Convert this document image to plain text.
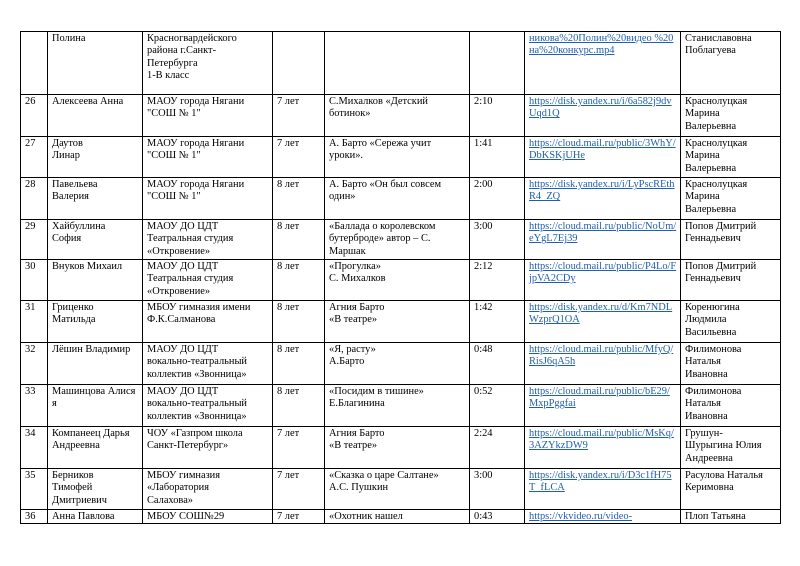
	Полина	Красногвардейского
района г.Санкт-
Петербурга
1-В класс				никова%20Полин%20видео %20на%20конкурс.mp4	Станиславовна
Поблагуева
26	Алексеева Анна	МАОУ города Нягани
"СОШ № 1"	7 лет	С.Михалков «Детский
ботинок»	2:10	https://disk.yandex.ru/i/6a582j9dvUqd1Q	Краснолуцкая
Марина
Валерьевна
27	Даутов
Линар	МАОУ города Нягани
"СОШ № 1"	7 лет	А. Барто «Сережа учит
уроки».	1:41	https://cloud.mail.ru/public/3WhY/DbKSKjUHe	Краснолуцкая
Марина
Валерьевна
28	Павельева
Валерия	МАОУ города Нягани
"СОШ № 1"	8 лет	А. Барто «Он был совсем
один»	2:00	https://disk.yandex.ru/i/LyPscREthR4_ZQ	Краснолуцкая
Марина
Валерьевна
29	Хайбуллина
София	МАОУ ДО ЦДТ
Театральная студия
«Откровение»	8 лет	«Баллада о королевском
бутерброде» автор – С.
Маршак	3:00	https://cloud.mail.ru/public/NoUm/eYgL7Ej39	Попов Дмитрий
Геннадьевич
30	Внуков Михаил	МАОУ ДО ЦДТ
Театральная студия
«Откровение»	8 лет	«Прогулка»
С. Михалков	2:12	https://cloud.mail.ru/public/P4Lo/FjpVA2CDy	Попов Дмитрий
Геннадьевич
31	Гриценко
Матильда	МБОУ гимназия имени
Ф.К.Салманова	8 лет	Агния Барто
«В театре»	1:42	https://disk.yandex.ru/d/Km7NDLWzprQ1OA	Коренюгина
Людмила
Васильевна
32	Лёшин Владимир	МАОУ ДО ЦДТ
вокально-театральный
коллектив «Звонница»	8 лет	«Я, расту»
А.Барто	0:48	https://cloud.mail.ru/public/MfyQ/RisJ6qA5h	Филимонова
Наталья
Ивановна
33	Машинцова Алися
я	МАОУ ДО ЦДТ
вокально-театральный
коллектив «Звонница»	8 лет	«Посидим в тишине»
Е.Благинина	0:52	https://cloud.mail.ru/public/bE29/MxpPggfai	Филимонова
Наталья
Ивановна
34	Компанеец Дарья
Андреевна	ЧОУ «Газпром школа
Санкт-Петербург»	7 лет	Агния Барто
«В театре»	2:24	https://cloud.mail.ru/public/MsKq/3AZYkzDW9	Грушун-
Шурыгина Юлия
Андреевна
35	Берников
Тимофей
Дмитриевич	МБОУ гимназия
«Лаборатория
Салахова»	7 лет	«Сказка о царе Салтане»
А.С. Пушкин	3:00	https://disk.yandex.ru/i/D3c1fH75T_fLCA	Расулова Наталья
Керимовна
36	Анна Павлова	МБОУ СОШ№29	7 лет	«Охотник нашел	0:43	https://vkvideo.ru/video-	Плоп Татьяна
